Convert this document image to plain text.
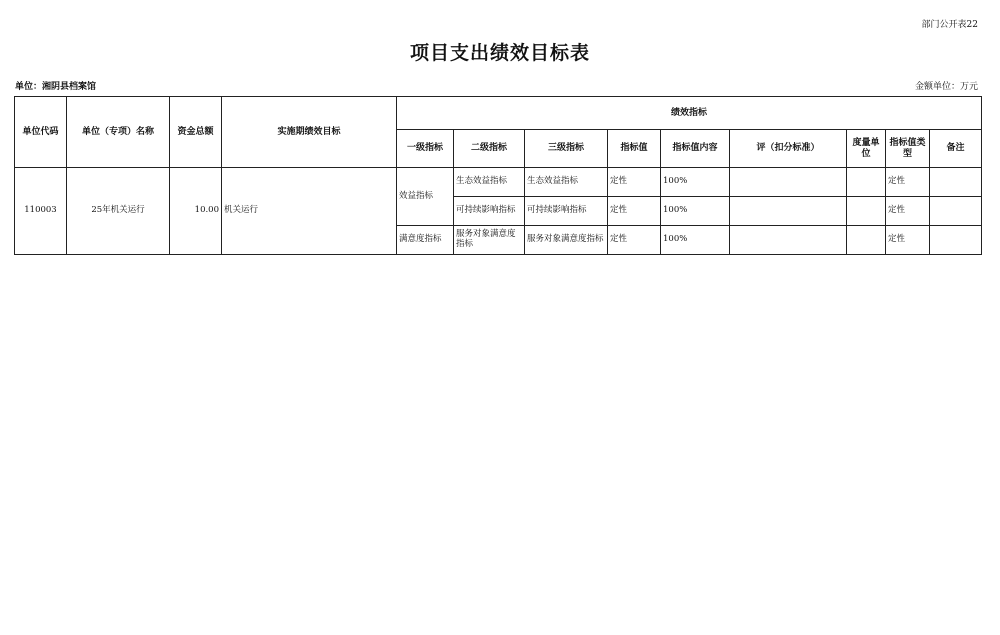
部门公开表22
项目支出绩效目标表
单位：湘阴县档案馆	金额单位：万元
单位代码	单位（专项）名称	资金总额	实施期绩效目标	绩效指标								
				一级指标	二级指标	三级指标	指标值	指标值内容	评（扣分标准）	度量单位	指标值类型	备注
110003	25年机关运行	10.00	机关运行	效益指标	生态效益指标	生态效益指标	定性	100%			定性	
					可持续影响指标	可持续影响指标	定性	100%			定性	
				满意度指标	服务对象满意度指标	服务对象满意度指标	定性	100%			定性	
